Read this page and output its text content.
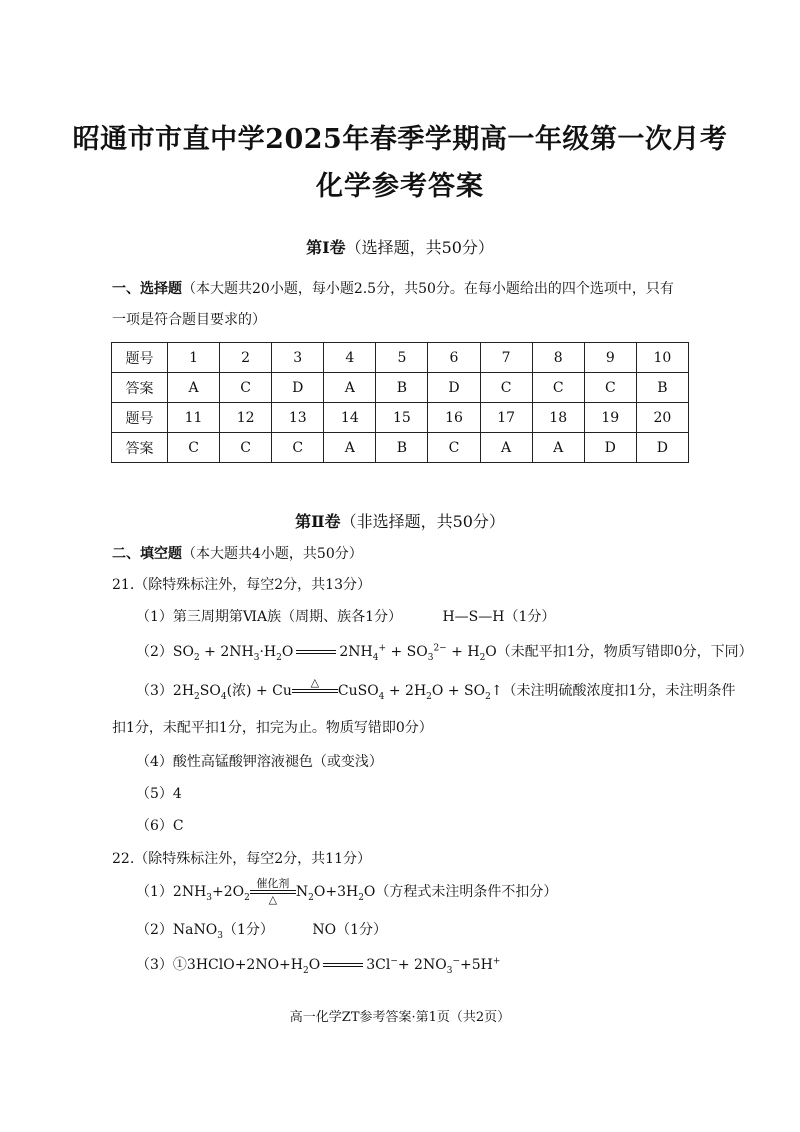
昭通市市直中学2025年春季学期高一年级第一次月考
化学参考答案
第Ⅰ卷（选择题，共50分）
一、选择题（本大题共20小题，每小题2.5分，共50分。在每小题给出的四个选项中，只有
一项是符合题目要求的）
题号	1	2	3	4	5	6	7	8	9	10
答案	A	C	D	A	B	D	C	C	C	B
题号	11	12	13	14	15	16	17	18	19	20
答案	C	C	C	A	B	C	A	A	D	D
第Ⅱ卷（非选择题，共50分）
二、填空题（本大题共4小题，共50分）
21.（除特殊标注外，每空2分，共13分）
（1）第三周期第ⅥA族（周期、族各1分）	H—S—H（1分）
$(2)SO_2 + 2NH_3\cdot H_2O$	$2NH_4^+ + SO_3^{2-} + H_2O$（未配平扣1分，物质写错即0分，下同）
$(3)2H_2SO_4$(浓) + Cu
△

CuSO$_4$ + $2H_2O$ + $SO_2↑$（未注明硫酸浓度扣1分，未注明条件
扣1分，未配平扣1分，扣完为止。物质写错即0分）
（4）酸性高锰酸钾溶液褪色（或变浅）
（5）4
（6）C
22.（除特殊标注外，每空2分，共11分）
$(1)2NH_3+2O_2$
催化剂
△	$N_2O+3H_2O$（方程式未注明条件不扣分）
（2）NaNO$_3$（1分）	NO（1分）
$(3)①3HClO+2NO+H_2O$	$3Cl^-+ 2NO_3^-+5H^+$
高一化学ZT参考答案·第1页（共2页）
